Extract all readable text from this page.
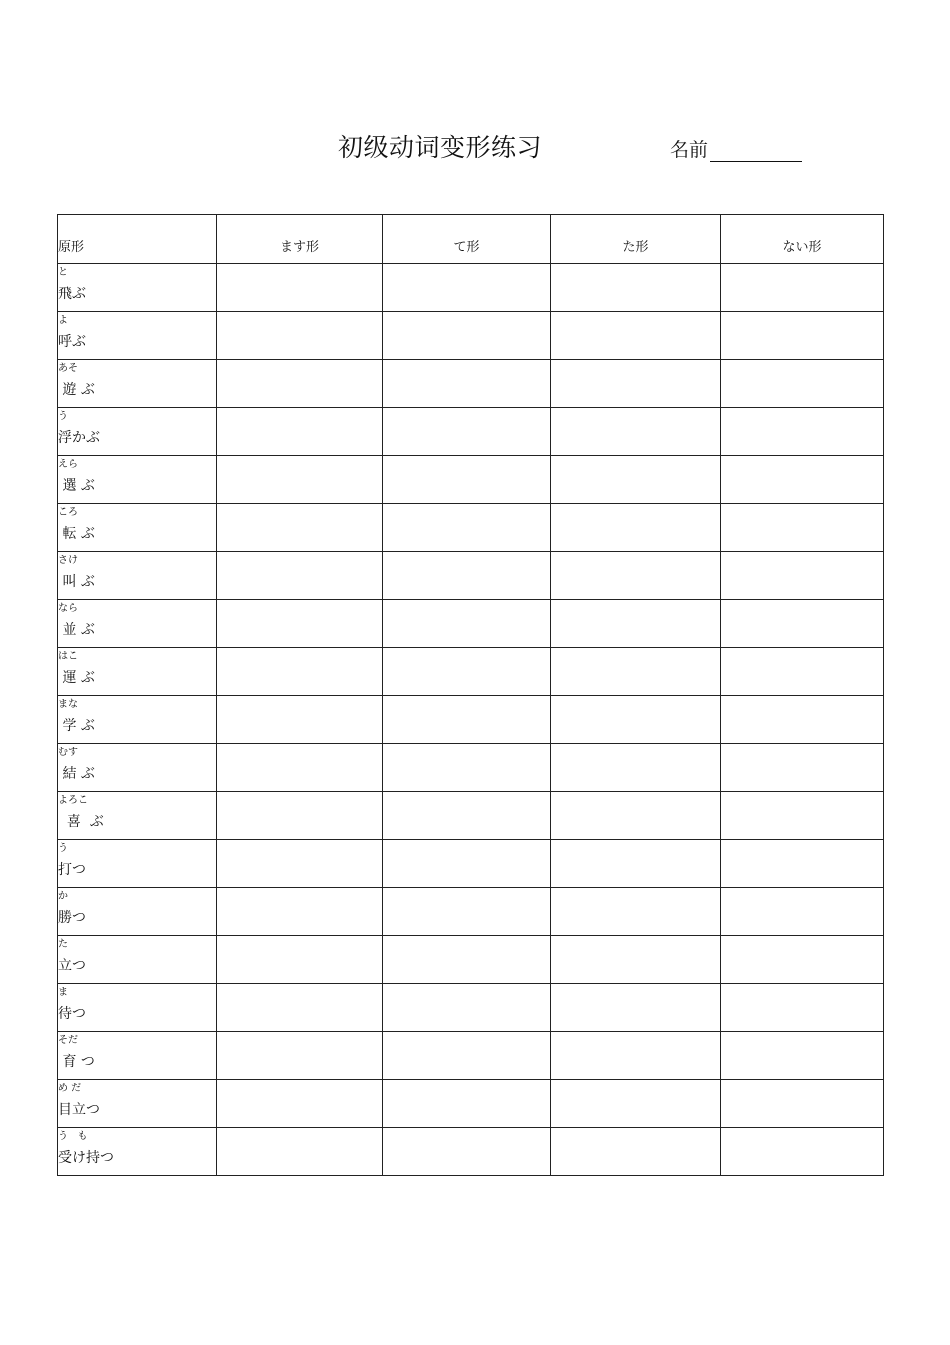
初级动词变形练习	名前
原形	ます形	て形	た形	ない形

と
飛ぶ				

よ
呼ぶ				

あそ
遊 ぶ				

う
浮かぶ				

えら
選 ぶ				

ころ
転 ぶ				

さけ
叫 ぶ				

なら
並 ぶ				

はこ
運 ぶ				

まな
学 ぶ				

むす
結 ぶ				

よろこ
喜  ぶ				

う
打つ				

か
勝つ				

た
立つ				

ま
待つ				

そだ
育 つ				

め だ
目立つ				

う   も
受け持つ				
